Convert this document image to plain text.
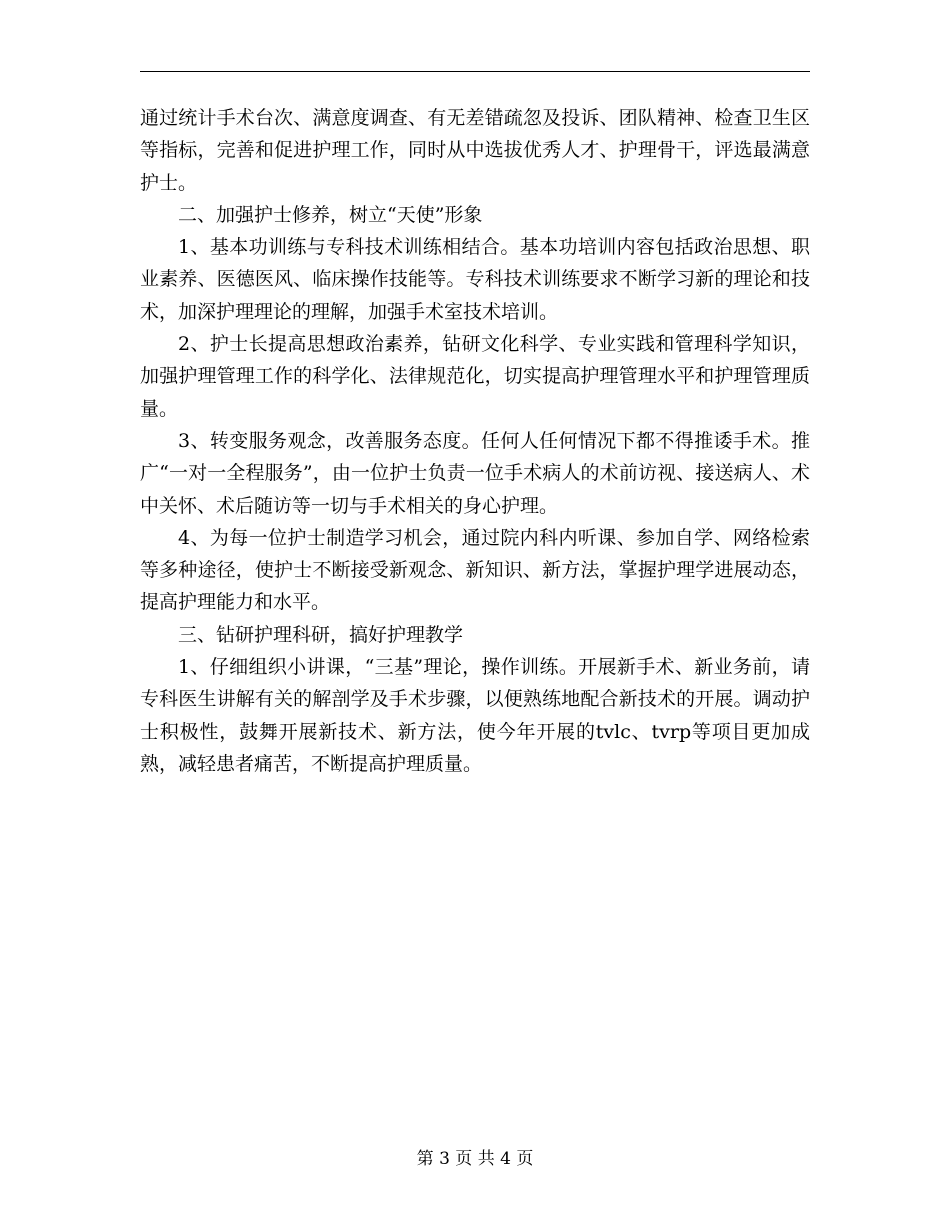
通过统计手术台次、满意度调查、有无差错疏忽及投诉、团队精神、检查卫生区等指标，完善和促进护理工作，同时从中选拔优秀人才、护理骨干，评选最满意护士。

二、加强护士修养，树立“天使”形象

1、基本功训练与专科技术训练相结合。基本功培训内容包括政治思想、职业素养、医德医风、临床操作技能等。专科技术训练要求不断学习新的理论和技术，加深护理理论的理解，加强手术室技术培训。

2、护士长提高思想政治素养，钻研文化科学、专业实践和管理科学知识，加强护理管理工作的科学化、法律规范化，切实提高护理管理水平和护理管理质量。

3、转变服务观念，改善服务态度。任何人任何情况下都不得推诿手术。推广“一对一全程服务”，由一位护士负责一位手术病人的术前访视、接送病人、术中关怀、术后随访等一切与手术相关的身心护理。

4、为每一位护士制造学习机会，通过院内科内听课、参加自学、网络检索等多种途径，使护士不断接受新观念、新知识、新方法，掌握护理学进展动态，提高护理能力和水平。

三、钻研护理科研，搞好护理教学

1、仔细组织小讲课，“三基”理论，操作训练。开展新手术、新业务前，请专科医生讲解有关的解剖学及手术步骤，以便熟练地配合新技术的开展。调动护士积极性，鼓舞开展新技术、新方法，使今年开展的tvlc、tvrp等项目更加成熟，减轻患者痛苦，不断提高护理质量。

第 3 页 共 4 页
